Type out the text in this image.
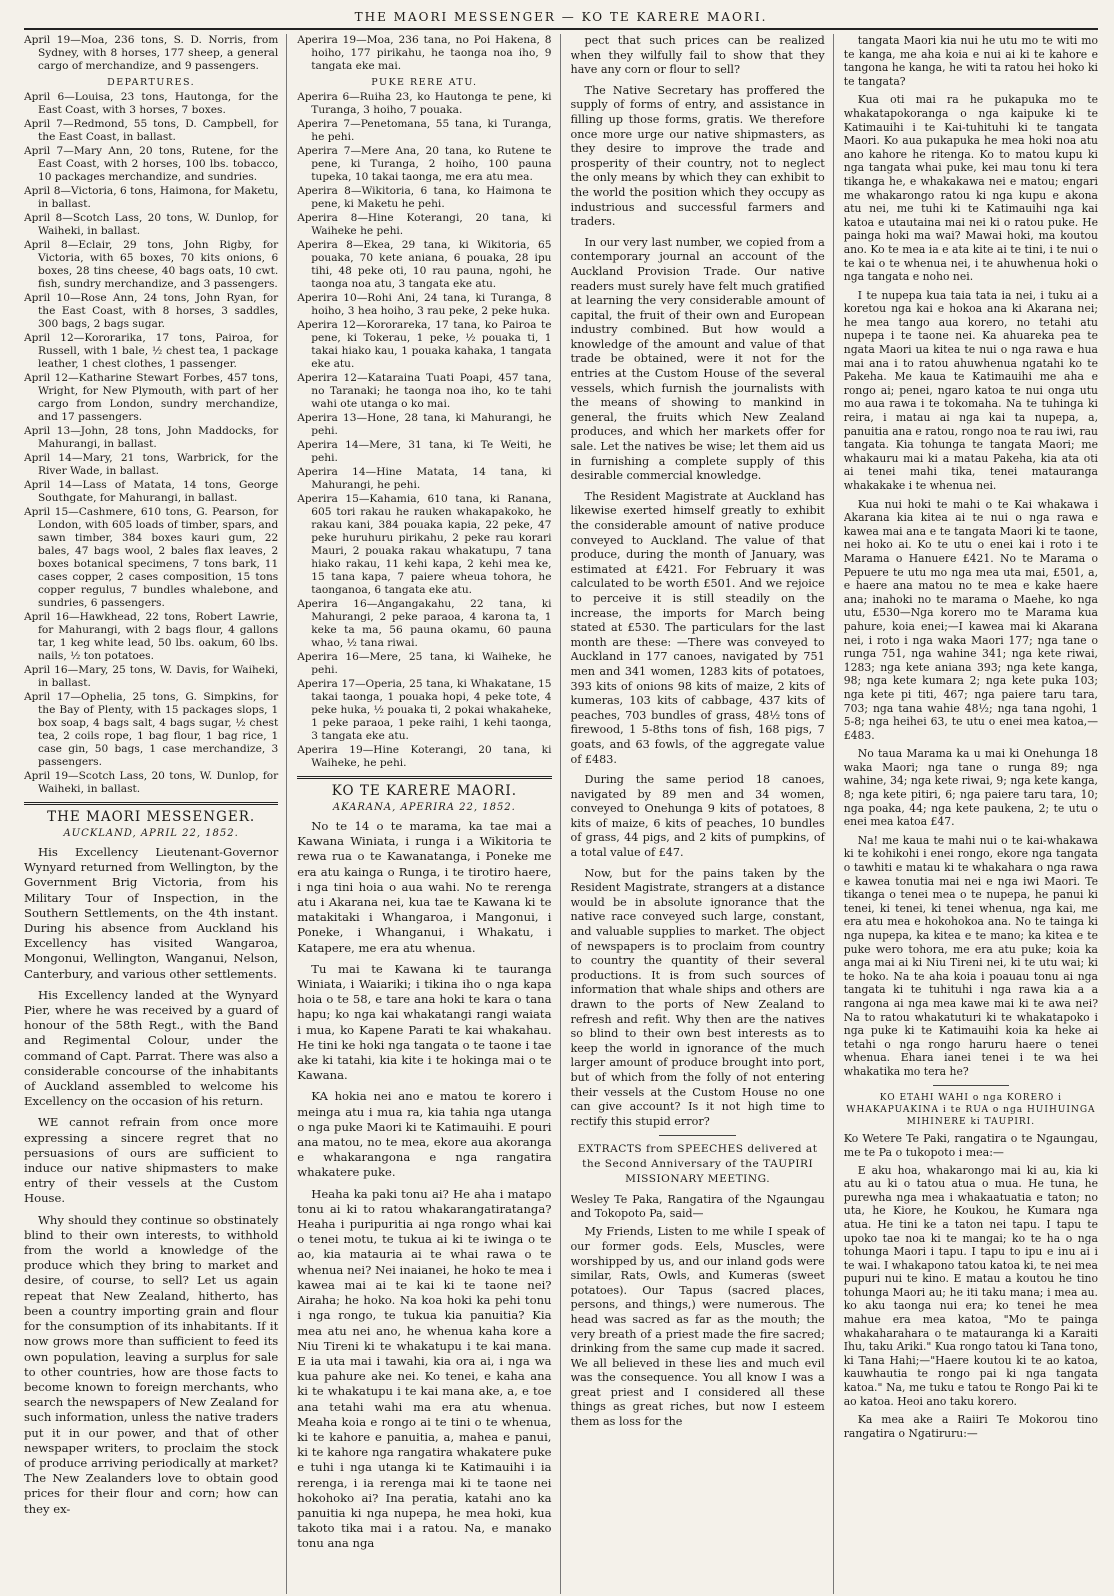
THE MAORI MESSENGER — KO TE KARERE MAORI.
April 19—Moa, 236 tons, S. D. Norris, from Sydney, with 8 horses, 177 sheep, a general cargo of merchandize, and 9 passengers.
DEPARTURES.
April 6—Louisa, 23 tons, Hautonga, for the East Coast, with 3 horses, 7 boxes.
April 7—Redmond, 55 tons, D. Campbell, for the East Coast, in ballast.
April 7—Mary Ann, 20 tons, Rutene, for the East Coast, with 2 horses, 100 lbs. tobacco, 10 packages merchandize, and sundries.
April 8—Victoria, 6 tons, Haimona, for Maketu, in ballast.
April 8—Scotch Lass, 20 tons, W. Dunlop, for Waiheki, in ballast.
April 8—Eclair, 29 tons, John Rigby, for Victoria, with 65 boxes, 70 kits onions, 6 boxes, 28 tins cheese, 40 bags oats, 10 cwt. fish, sundry merchandize, and 3 passengers.
April 10—Rose Ann, 24 tons, John Ryan, for the East Coast, with 8 horses, 3 saddles, 300 bags, 2 bags sugar.
April 12—Kororarika, 17 tons, Pairoa, for Russell, with 1 bale, ½ chest tea, 1 package leather, 1 chest clothes, 1 passenger.
April 12—Katharine Stewart Forbes, 457 tons, Wright, for New Plymouth, with part of her cargo from London, sundry merchandize, and 17 passengers.
April 13—John, 28 tons, John Maddocks, for Mahurangi, in ballast.
April 14—Mary, 21 tons, Warbrick, for the River Wade, in ballast.
April 14—Lass of Matata, 14 tons, George Southgate, for Mahurangi, in ballast.
April 15—Cashmere, 610 tons, G. Pearson, for London, with 605 loads of timber, spars, and sawn timber, 384 boxes kauri gum, 22 bales, 47 bags wool, 2 bales flax leaves, 2 boxes botanical specimens, 7 tons bark, 11 cases copper, 2 cases composition, 15 tons copper regulus, 7 bundles whalebone, and sundries, 6 passengers.
April 16—Hawkhead, 22 tons, Robert Lawrie, for Mahurangi, with 2 bags flour, 4 gallons tar, 1 keg white lead, 50 lbs. oakum, 60 lbs. nails, ½ ton potatoes.
April 16—Mary, 25 tons, W. Davis, for Waiheki, in ballast.
April 17—Ophelia, 25 tons, G. Simpkins, for the Bay of Plenty, with 15 packages slops, 1 box soap, 4 bags salt, 4 bags sugar, ½ chest tea, 2 coils rope, 1 bag flour, 1 bag rice, 1 case gin, 50 bags, 1 case merchandize, 3 passengers.
April 19—Scotch Lass, 20 tons, W. Dunlop, for Waiheki, in ballast.
THE MAORI MESSENGER.
AUCKLAND, APRIL 22, 1852.

His Excellency Lieutenant-Governor Wynyard returned from Wellington, by the Government Brig Victoria, from his Military Tour of Inspection, in the Southern Settlements, on the 4th instant. During his absence from Auckland his Excellency has visited Wangaroa, Mongonui, Wellington, Wanganui, Nelson, Canterbury, and various other settlements.

His Excellency landed at the Wynyard Pier, where he was received by a guard of honour of the 58th Regt., with the Band and Regimental Colour, under the command of Capt. Parrat. There was also a considerable concourse of the inhabitants of Auckland assembled to welcome his Excellency on the occasion of his return.

WE cannot refrain from once more expressing a sincere regret that no persuasions of ours are sufficient to induce our native shipmasters to make entry of their vessels at the Custom House.

Why should they continue so obstinately blind to their own interests, to withhold from the world a knowledge of the produce which they bring to market and desire, of course, to sell? Let us again repeat that New Zealand, hitherto, has been a country importing grain and flour for the consumption of its inhabitants. If it now grows more than sufficient to feed its own population, leaving a surplus for sale to other countries, how are those facts to become known to foreign merchants, who search the newspapers of New Zealand for such information, unless the native traders put it in our power, and that of other newspaper writers, to proclaim the stock of produce arriving periodically at market? The New Zealanders love to obtain good prices for their flour and corn; how can they ex-

Aperira 19—Moa, 236 tana, no Poi Hakena, 8 hoiho, 177 pirikahu, he taonga noa iho, 9 tangata eke mai.
PUKE RERE ATU.
Aperira 6—Ruiha 23, ko Hautonga te pene, ki Turanga, 3 hoiho, 7 pouaka.
Aperira 7—Penetomana, 55 tana, ki Turanga, he pehi.
Aperira 7—Mere Ana, 20 tana, ko Rutene te pene, ki Turanga, 2 hoiho, 100 pauna tupeka, 10 takai taonga, me era atu mea.
Aperira 8—Wikitoria, 6 tana, ko Haimona te pene, ki Maketu he pehi.
Aperira 8—Hine Koterangi, 20 tana, ki Waiheke he pehi.
Aperira 8—Ekea, 29 tana, ki Wikitoria, 65 pouaka, 70 kete aniana, 6 pouaka, 28 ipu tihi, 48 peke oti, 10 rau pauna, ngohi, he taonga noa atu, 3 tangata eke atu.
Aperira 10—Rohi Ani, 24 tana, ki Turanga, 8 hoiho, 3 hea hoiho, 3 rau peke, 2 peke huka.
Aperira 12—Kororareka, 17 tana, ko Pairoa te pene, ki Tokerau, 1 peke, ½ pouaka ti, 1 takai hiako kau, 1 pouaka kahaka, 1 tangata eke atu.
Aperira 12—Kataraina Tuati Poapi, 457 tana, no Taranaki; he taonga noa iho, ko te tahi wahi ote utanga o ko mai.
Aperira 13—Hone, 28 tana, ki Mahurangi, he pehi.
Aperira 14—Mere, 31 tana, ki Te Weiti, he pehi.
Aperira 14—Hine Matata, 14 tana, ki Mahurangi, he pehi.
Aperira 15—Kahamia, 610 tana, ki Ranana, 605 tori rakau he rauken whakapakoko, he rakau kani, 384 pouaka kapia, 22 peke, 47 peke huruhuru pirikahu, 2 peke rau korari Mauri, 2 pouaka rakau whakatupu, 7 tana hiako rakau, 11 kehi kapa, 2 kehi mea ke, 15 tana kapa, 7 paiere wheua tohora, he taonganoa, 6 tangata eke atu.
Aperira 16—Angangakahu, 22 tana, ki Mahurangi, 2 peke paraoa, 4 karona ta, 1 keke ta ma, 56 pauna okamu, 60 pauna whao, ½ tana riwai.
Aperira 16—Mere, 25 tana, ki Waiheke, he pehi.
Aperira 17—Operia, 25 tana, ki Whakatane, 15 takai taonga, 1 pouaka hopi, 4 peke tote, 4 peke huka, ½ pouaka ti, 2 pokai whakaheke, 1 peke paraoa, 1 peke raihi, 1 kehi taonga, 3 tangata eke atu.
Aperira 19—Hine Koterangi, 20 tana, ki Waiheke, he pehi.
KO TE KARERE MAORI.
AKARANA, APERIRA 22, 1852.

No te 14 o te marama, ka tae mai a Kawana Winiata, i runga i a Wikitoria te rewa rua o te Kawanatanga, i Poneke me era atu kainga o Runga, i te tirotiro haere, i nga tini hoia o aua wahi. No te rerenga atu i Akarana nei, kua tae te Kawana ki te matakitaki i Whangaroa, i Mangonui, i Poneke, i Whanganui, i Whakatu, i Katapere, me era atu whenua.

Tu mai te Kawana ki te tauranga Winiata, i Waiariki; i tikina iho o nga kapa hoia o te 58, e tare ana hoki te kara o tana hapu; ko nga kai whakatangi rangi waiata i mua, ko Kapene Parati te kai whakahau. He tini ke hoki nga tangata o te taone i tae ake ki tatahi, kia kite i te hokinga mai o te Kawana.

KA hokia nei ano e matou te korero i meinga atu i mua ra, kia tahia nga utanga o nga puke Maori ki te Katimauihi. E pouri ana matou, no te mea, ekore aua akoranga e whakarangona e nga rangatira whakatere puke.

Heaha ka paki tonu ai? He aha i matapo tonu ai ki to ratou whakarangatiratanga? Heaha i puripuritia ai nga rongo whai kai o tenei motu, te tukua ai ki te iwinga o te ao, kia matauria ai te whai rawa o te whenua nei? Nei inaianei, he hoko te mea i kawea mai ai te kai ki te taone nei? Airaha; he hoko. Na koa hoki ka pehi tonu i nga rongo, te tukua kia panuitia? Kia mea atu nei ano, he whenua kaha kore a Niu Tireni ki te whakatupu i te kai mana. E ia uta mai i tawahi, kia ora ai, i nga wa kua pahure ake nei. Ko tenei, e kaha ana ki te whakatupu i te kai mana ake, a, e toe ana tetahi wahi ma era atu whenua. Meaha koia e rongo ai te tini o te whenua, ki te kahore e panuitia, a, mahea e panui, ki te kahore nga rangatira whakatere puke e tuhi i nga utanga ki te Katimauihi i ia rerenga, i ia rerenga mai ki te taone nei hokohoko ai? Ina peratia, katahi ano ka panuitia ki nga nupepa, he mea hoki, kua takoto tika mai i a ratou. Na, e manako tonu ana nga

pect that such prices can be realized when they wilfully fail to show that they have any corn or flour to sell?

The Native Secretary has proffered the supply of forms of entry, and assistance in filling up those forms, gratis. We therefore once more urge our native shipmasters, as they desire to improve the trade and prosperity of their country, not to neglect the only means by which they can exhibit to the world the position which they occupy as industrious and successful farmers and traders.

In our very last number, we copied from a contemporary journal an account of the Auckland Provision Trade. Our native readers must surely have felt much gratified at learning the very considerable amount of capital, the fruit of their own and European industry combined. But how would a knowledge of the amount and value of that trade be obtained, were it not for the entries at the Custom House of the several vessels, which furnish the journalists with the means of showing to mankind in general, the fruits which New Zealand produces, and which her markets offer for sale. Let the natives be wise; let them aid us in furnishing a complete supply of this desirable commercial knowledge.

The Resident Magistrate at Auckland has likewise exerted himself greatly to exhibit the considerable amount of native produce conveyed to Auckland. The value of that produce, during the month of January, was estimated at £421. For February it was calculated to be worth £501. And we rejoice to perceive it is still steadily on the increase, the imports for March being stated at £530. The particulars for the last month are these: —There was conveyed to Auckland in 177 canoes, navigated by 751 men and 341 women, 1283 kits of potatoes, 393 kits of onions 98 kits of maize, 2 kits of kumeras, 103 kits of cabbage, 437 kits of peaches, 703 bundles of grass, 48½ tons of firewood, 1 5-8ths tons of fish, 168 pigs, 7 goats, and 63 fowls, of the aggregate value of £483.

During the same period 18 canoes, navigated by 89 men and 34 women, conveyed to Onehunga 9 kits of potatoes, 8 kits of maize, 6 kits of peaches, 10 bundles of grass, 44 pigs, and 2 kits of pumpkins, of a total value of £47.

Now, but for the pains taken by the Resident Magistrate, strangers at a distance would be in absolute ignorance that the native race conveyed such large, constant, and valuable supplies to market. The object of newspapers is to proclaim from country to country the quantity of their several productions. It is from such sources of information that whale ships and others are drawn to the ports of New Zealand to refresh and refit. Why then are the natives so blind to their own best interests as to keep the world in ignorance of the much larger amount of produce brought into port, but of which from the folly of not entering their vessels at the Custom House no one can give account? Is it not high time to rectify this stupid error?

EXTRACTS from SPEECHES delivered at the Second Anniversary of the TAUPIRI MISSIONARY MEETING.
Wesley Te Paka, Rangatira of the Ngaungau and Tokopoto Pa, said—

My Friends, Listen to me while I speak of our former gods. Eels, Muscles, were worshipped by us, and our inland gods were similar, Rats, Owls, and Kumeras (sweet potatoes). Our Tapus (sacred places, persons, and things,) were numerous. The head was sacred as far as the mouth; the very breath of a priest made the fire sacred; drinking from the same cup made it sacred. We all believed in these lies and much evil was the consequence. You all know I was a great priest and I considered all these things as great riches, but now I esteem them as loss for the

tangata Maori kia nui he utu mo te witi mo te kanga, me aha koia e nui ai ki te kahore e tangona he kanga, he witi ta ratou hei hoko ki te tangata?

Kua oti mai ra he pukapuka mo te whakatapokoranga o nga kaipuke ki te Katimauihi i te Kai-tuhituhi ki te tangata Maori. Ko aua pukapuka he mea hoki noa atu ano kahore he ritenga. Ko to matou kupu ki nga tangata whai puke, kei mau tonu ki tera tikanga he, e whakakawa nei e matou; engari me whakarongo ratou ki nga kupu e akona atu nei, me tuhi ki te Katimauihi nga kai katoa e utautaina mai nei ki o ratou puke. He painga hoki ma wai? Mawai hoki, ma koutou ano. Ko te mea ia e ata kite ai te tini, i te nui o te kai o te whenua nei, i te ahuwhenua hoki o nga tangata e noho nei.

I te nupepa kua taia tata ia nei, i tuku ai a koretou nga kai e hokoa ana ki Akarana nei; he mea tango aua korero, no tetahi atu nupepa i te taone nei. Ka ahuareka pea te ngata Maori ua kitea te nui o nga rawa e hua mai ana i to ratou ahuwhenua ngatahi ko te Pakeha. Me kaua te Katimauihi me aha e rongo ai; penei, ngaro katoa te nui onga utu mo aua rawa i te tokomaha. Na te tuhinga ki reira, i matau ai nga kai ta nupepa, a, panuitia ana e ratou, rongo noa te rau iwi, rau tangata. Kia tohunga te tangata Maori; me whakauru mai ki a matau Pakeha, kia ata oti ai tenei mahi tika, tenei matauranga whakakake i te whenua nei.

Kua nui hoki te mahi o te Kai whakawa i Akarana kia kitea ai te nui o nga rawa e kawea mai ana e te tangata Maori ki te taone, nei hoko ai. Ko te utu o enei kai i roto i te Marama o Hanuere £421. No te Marama o Pepuere te utu mo nga mea uta mai, £501, a, e haere ana matou no te mea e kake haere ana; inahoki no te marama o Maehe, ko nga utu, £530—Nga korero mo te Marama kua pahure, koia enei;—I kawea mai ki Akarana nei, i roto i nga waka Maori 177; nga tane o runga 751, nga wahine 341; nga kete riwai, 1283; nga kete aniana 393; nga kete kanga, 98; nga kete kumara 2; nga kete puka 103; nga kete pi titi, 467; nga paiere taru tara, 703; nga tana wahie 48½; nga tana ngohi, 1 5-8; nga heihei 63, te utu o enei mea katoa,—£483.

No taua Marama ka u mai ki Onehunga 18 waka Maori; nga tane o runga 89; nga wahine, 34; nga kete riwai, 9; nga kete kanga, 8; nga kete pitiri, 6; nga paiere taru tara, 10; nga poaka, 44; nga kete paukena, 2; te utu o enei mea katoa £47.

Na! me kaua te mahi nui o te kai-whakawa ki te kohikohi i enei rongo, ekore nga tangata o tawhiti e matau ki te whakahara o nga rawa e kawea tonutia mai nei e nga iwi Maori. Te tikanga o tenei mea o te nupepa, he panui ki tenei, ki tenei, ki tenei whenua, nga kai, me era atu mea e hokohokoa ana. No te tainga ki nga nupepa, ka kitea e te mano; ka kitea e te puke wero tohora, me era atu puke; koia ka anga mai ai ki Niu Tireni nei, ki te utu wai; ki te hoko. Na te aha koia i poauau tonu ai nga tangata ki te tuhituhi i nga rawa kia a a rangona ai nga mea kawe mai ki te awa nei? Na to ratou whakatuturi ki te whakatapoko i nga puke ki te Katimauihi koia ka heke ai tetahi o nga rongo haruru haere o tenei whenua. Ehara ianei tenei i te wa hei whakatika mo tera he?

KO ETAHI WAHI o nga KORERO i WHAKAPUAKINA i te RUA o nga HUIHUINGA MIHINERE ki TAUPIRI.
Ko Wetere Te Paki, rangatira o te Ngaungau, me te Pa o tukopoto i mea:—

E aku hoa, whakarongo mai ki au, kia ki atu au ki o tatou atua o mua. He tuna, he purewha nga mea i whakaatuatia e taton; no uta, he Kiore, he Koukou, he Kumara nga atua. He tini ke a taton nei tapu. I tapu te upoko tae noa ki te mangai; ko te ha o nga tohunga Maori i tapu. I tapu to ipu e inu ai i te wai. I whakapono tatou katoa ki, te nei mea pupuri nui te kino. E matau a koutou he tino tohunga Maori au; he iti taku mana; i mea au. ko aku taonga nui era; ko tenei he mea mahue era mea katoa, "Mo te painga whakaharahara o te matauranga ki a Karaiti Ihu, taku Ariki." Kua rongo tatou ki Tana tono, ki Tana Hahi;—"Haere koutou ki te ao katoa, kauwhautia te rongo pai ki nga tangata katoa." Na, me tuku e tatou te Rongo Pai ki te ao katoa. Heoi ano taku korero.

Ka mea ake a Raiiri Te Mokorou tino rangatira o Ngatiruru:—
